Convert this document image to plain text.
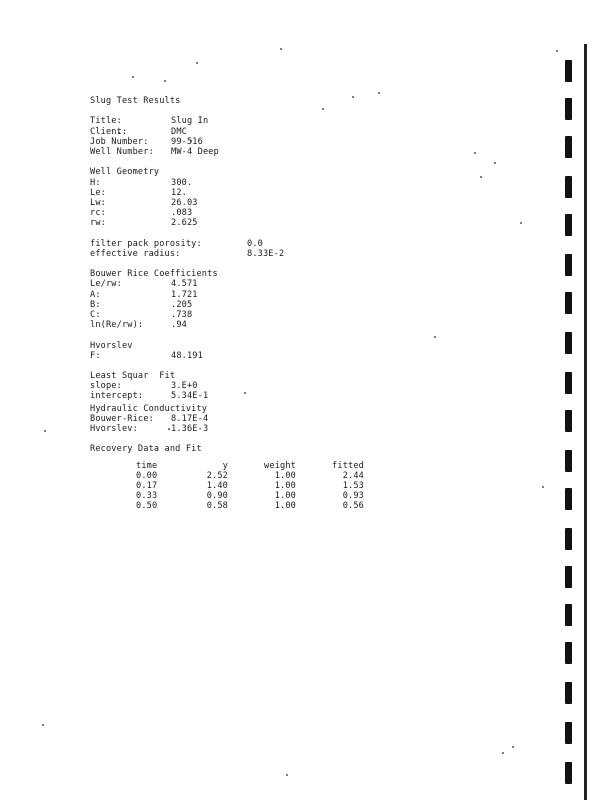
Slug Test Results
Title:	Slug In
Client:	DMC
Job Number:	99-516
Well Number:	MW-4 Deep
Well Geometry
H:	300.
Le:	12.
Lw:	26.03
rc:	.083
rw:	2.625
filter pack porosity:	0.0
effective radius:	8.33E-2
Bouwer Rice Coefficients
Le/rw:	4.571
A:	1.721
B:	.205
C:	.738
ln(Re/rw):	.94
Hvorslev
F:	48.191
Least Squar  Fit
slope:	3.E+0
intercept:	5.34E-1
Hydraulic Conductivity
Bouwer-Rice:	8.17E-4
Hvorslev:	1.36E-3
Recovery Data and Fit
time	y	weight	fitted
0.00	2.52	1.00	2.44
0.17	1.40	1.00	1.53
0.33	0.90	1.00	0.93
0.50	0.58	1.00	0.56
